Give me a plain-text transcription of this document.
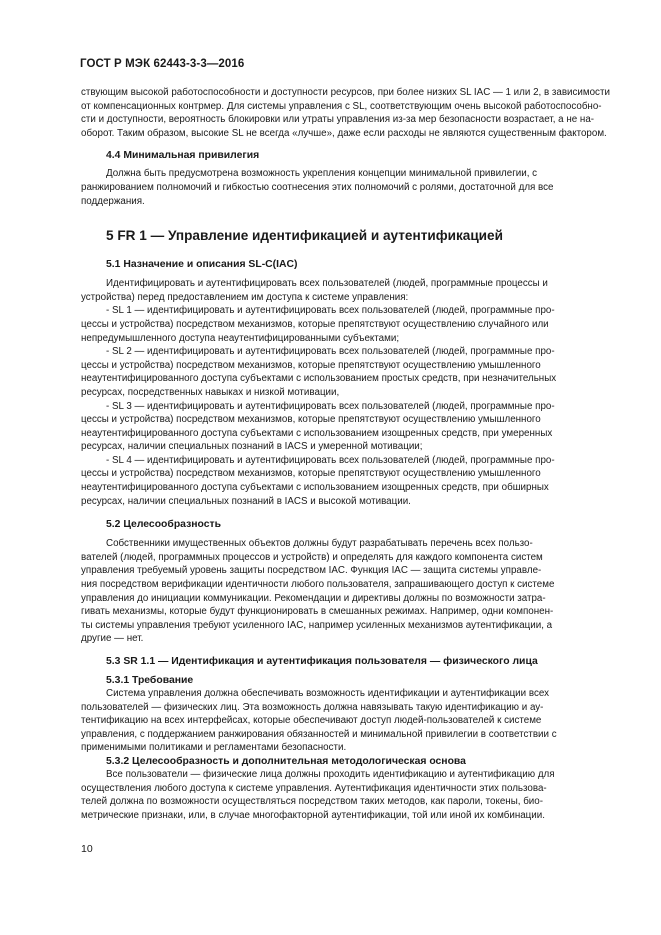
ГОСТ Р МЭК 62443-3-3—2016

ствующим высокой работоспособности и доступности ресурсов, при более низких SL IAC — 1 или 2, в зависимости

от компенсационных контрмер. Для системы управления с SL, соответствующим очень высокой работоспособно-

сти и доступности, вероятность блокировки или утраты управления из-за мер безопасности возрастает, а не на-

оборот. Таким образом, высокие SL не всегда «лучше», даже если расходы не являются существенным фактором.

4.4 Минимальная привилегия

Должна быть предусмотрена возможность укрепления концепции минимальной привилегии, с

ранжированием полномочий и гибкостью соотнесения этих полномочий с ролями, достаточной для все

поддержания.

5 FR 1 — Управление идентификацией и аутентификацией

5.1 Назначение и описания SL-C(IAC)

Идентифицировать и аутентифицировать всех пользователей (людей, программные процессы и

устройства) перед предоставлением им доступа к системе управления:

- SL 1 — идентифицировать и аутентифицировать всех пользователей (людей, программные про-

цессы и устройства) посредством механизмов, которые препятствуют осуществлению случайного или

непредумышленного доступа неаутентифицированными субъектами;

- SL 2 — идентифицировать и аутентифицировать всех пользователей (людей, программные про-

цессы и устройства) посредством механизмов, которые препятствуют осуществлению умышленного

неаутентифицированного доступа субъектами с использованием простых средств, при незначительных

ресурсах, посредственных навыках и низкой мотивации,

- SL 3 — идентифицировать и аутентифицировать всех пользователей (людей, программные про-

цессы и устройства) посредством механизмов, которые препятствуют осуществлению умышленного

неаутентифицированного доступа субъектами с использованием изощренных средств, при умеренных

ресурсах, наличии специальных познаний в IACS и умеренной мотивации;

- SL 4 — идентифицировать и аутентифицировать всех пользователей (людей, программные про-

цессы и устройства) посредством механизмов, которые препятствуют осуществлению умышленного

неаутентифицированного доступа субъектами с использованием изощренных средств, при обширных

ресурсах, наличии специальных познаний в IACS и высокой мотивации.

5.2 Целесообразность

Собственники имущественных объектов должны будут разрабатывать перечень всех пользо-

вателей (людей, программных процессов и устройств) и определять для каждого компонента систем

управления требуемый уровень защиты посредством IAC. Функция IAC — защита системы управле-

ния посредством верификации идентичности любого пользователя, запрашивающего доступ к системе

управления до инициации коммуникации. Рекомендации и директивы должны по возможности затра-

гивать механизмы, которые будут функционировать в смешанных режимах. Например, одни компонен-

ты системы управления требуют усиленного IAC, например усиленных механизмов аутентификации, а

другие — нет.

5.3 SR 1.1 — Идентификация и аутентификация пользователя — физического лица

5.3.1 Требование

Система управления должна обеспечивать возможность идентификации и аутентификации всех

пользователей — физических лиц. Эта возможность должна навязывать такую идентификацию и ау-

тентификацию на всех интерфейсах, которые обеспечивают доступ людей-пользователей к системе

управления, с поддержанием ранжирования обязанностей и минимальной привилегии в соответствии с

применимыми политиками и регламентами безопасности.

5.3.2 Целесообразность и дополнительная методологическая основа

Все пользователи — физические лица должны проходить идентификацию и аутентификацию для

осуществления любого доступа к системе управления. Аутентификация идентичности этих пользова-

телей должна по возможности осуществляться посредством таких методов, как пароли, токены, био-

метрические признаки, или, в случае многофакторной аутентификации, той или иной их комбинации.

10
